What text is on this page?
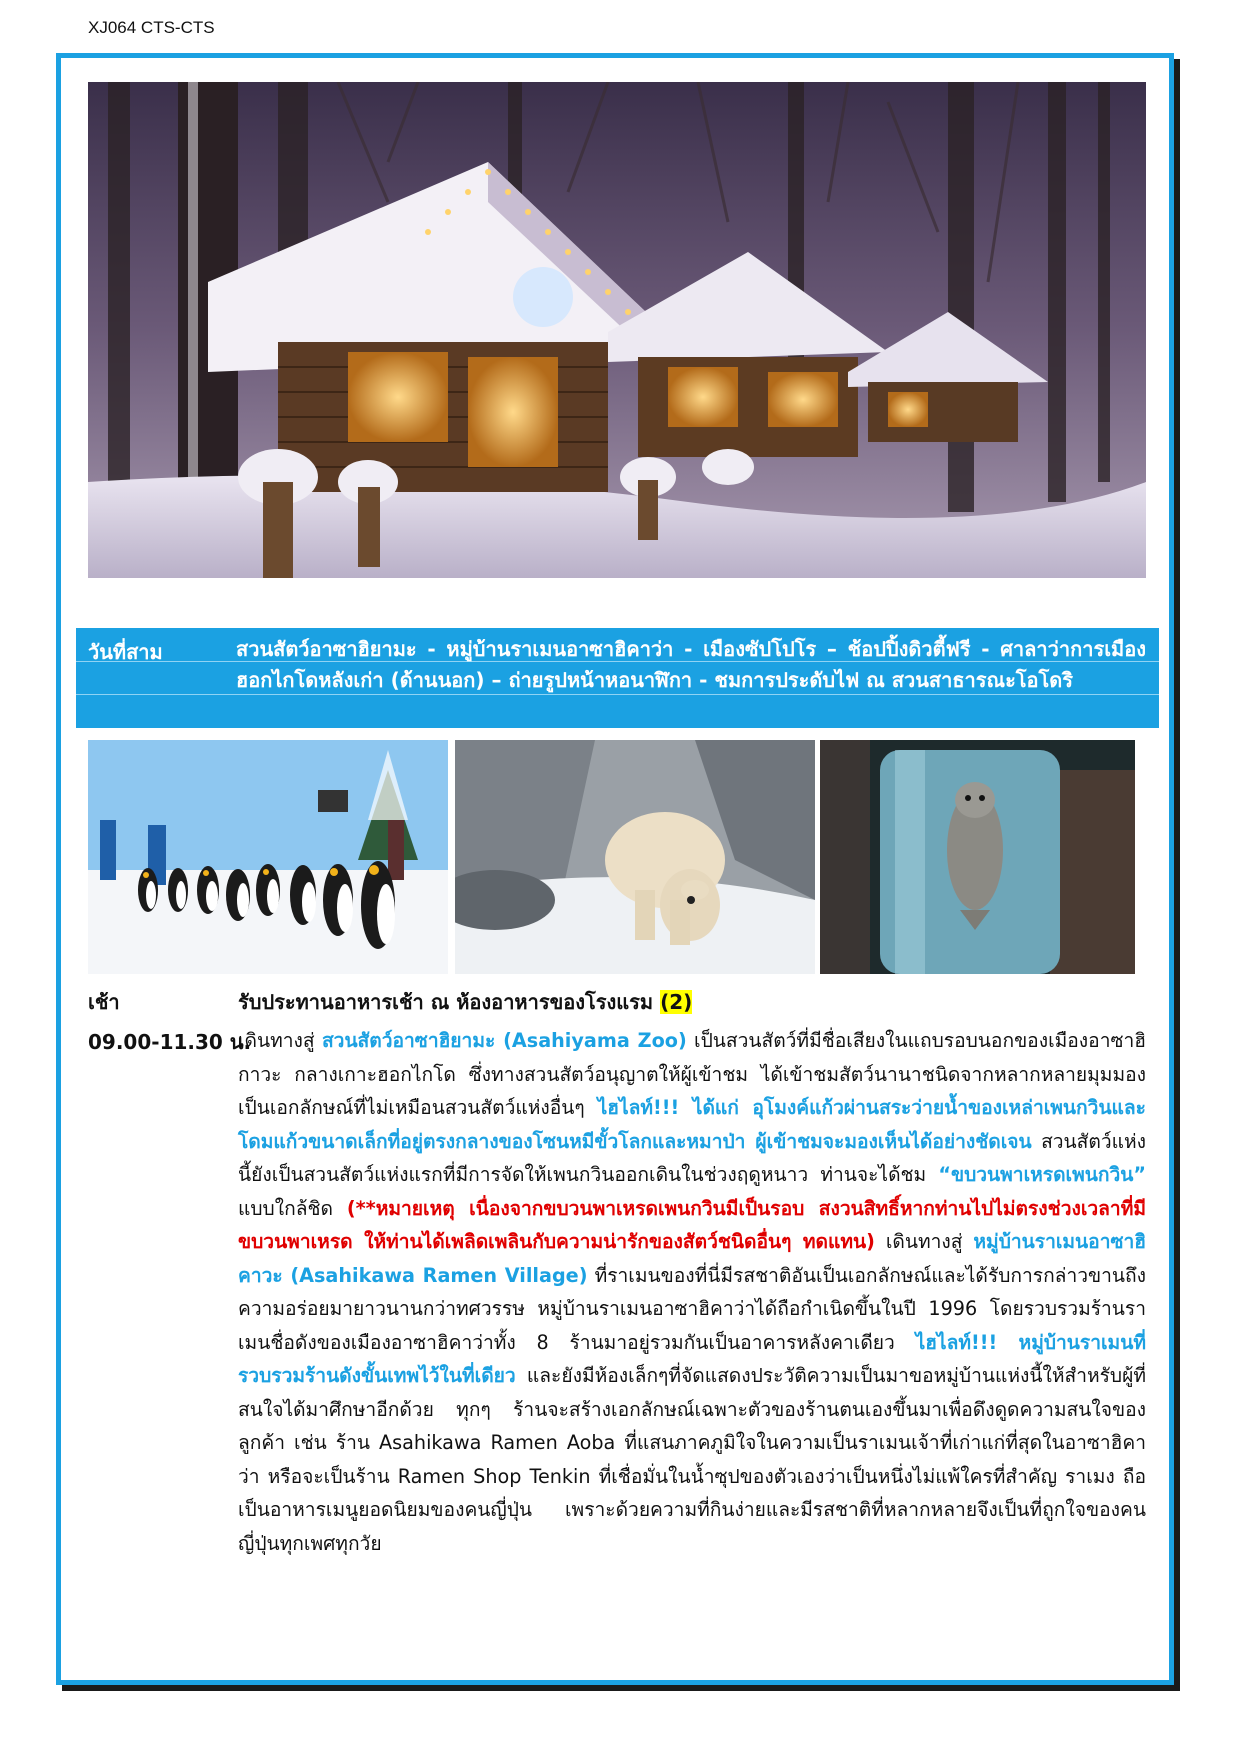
XJ064 CTS-CTS
วันที่สาม	สวนสัตว์อาซาฮิยามะ - หมู่บ้านราเมนอาซาฮิคาว่า - เมืองซัปโปโร – ช้อปปิ้งดิวตี้ฟรี - ศาลาว่าการเมืองฮอกไกโดหลังเก่า (ด้านนอก) – ถ่ายรูปหน้าหอนาฬิกา - ชมการประดับไฟ ณ สวนสาธารณะโอโดริ
เช้า	รับประทานอาหารเช้า ณ ห้องอาหารของโรงแรม (2)
09.00-11.30 น.
เดินทางสู่ สวนสัตว์อาซาฮิยามะ (Asahiyama Zoo) เป็นสวนสัตว์ที่มีชื่อเสียงในแถบรอบนอกของเมืองอาซาฮิกาวะ กลางเกาะฮอกไกโด ซึ่งทางสวนสัตว์อนุญาตให้ผู้เข้าชม ได้เข้าชมสัตว์นานาชนิดจากหลากหลายมุมมอง เป็นเอกลักษณ์ที่ไม่เหมือนสวนสัตว์แห่งอื่นๆ ไฮไลท์!!! ได้แก่ อุโมงค์แก้วผ่านสระว่ายน้ำของเหล่าเพนกวินและโดมแก้วขนาดเล็กที่อยู่ตรงกลางของโซนหมีขั้วโลกและหมาป่า ผู้เข้าชมจะมองเห็นได้อย่างชัดเจน สวนสัตว์แห่งนี้ยังเป็นสวนสัตว์แห่งแรกที่มีการจัดให้เพนกวินออกเดินในช่วงฤดูหนาว ท่านจะได้ชม “ขบวนพาเหรดเพนกวิน” แบบใกล้ชิด (**หมายเหตุ เนื่องจากขบวนพาเหรดเพนกวินมีเป็นรอบ สงวนสิทธิ์หากท่านไปไม่ตรงช่วงเวลาที่มีขบวนพาเหรด ให้ท่านได้เพลิดเพลินกับความน่ารักของสัตว์ชนิดอื่นๆ ทดแทน) เดินทางสู่ หมู่บ้านราเมนอาซาฮิคาวะ (Asahikawa Ramen Village) ที่ราเมนของที่นี่มีรสชาติอันเป็นเอกลักษณ์และได้รับการกล่าวขานถึงความอร่อยมายาวนานกว่าทศวรรษ หมู่บ้านราเมนอาซาฮิคาว่าได้ถือกำเนิดขึ้นในปี 1996 โดยรวบรวมร้านราเมนชื่อดังของเมืองอาซาฮิคาว่าทั้ง 8 ร้านมาอยู่รวมกันเป็นอาคารหลังคาเดียว ไฮไลท์!!! หมู่บ้านราเมนที่รวบรวมร้านดังขั้นเทพไว้ในที่เดียว และยังมีห้องเล็กๆที่จัดแสดงประวัติความเป็นมาขอหมู่บ้านแห่งนี้ให้สำหรับผู้ที่สนใจได้มาศึกษาอีกด้วย ทุกๆ ร้านจะสร้างเอกลักษณ์เฉพาะตัวของร้านตนเองขึ้นมาเพื่อดึงดูดความสนใจของลูกค้า เช่น ร้าน Asahikawa Ramen Aoba ที่แสนภาคภูมิใจในความเป็นราเมนเจ้าที่เก่าแก่ที่สุดในอาซาฮิคาว่า หรือจะเป็นร้าน Ramen Shop Tenkin ที่เชื่อมั่นในน้ำซุปของตัวเองว่าเป็นหนึ่งไม่แพ้ใครที่สำคัญ ราเมง ถือเป็นอาหารเมนูยอดนิยมของคนญี่ปุ่น เพราะด้วยความที่กินง่ายและมีรสชาติที่หลากหลายจึงเป็นที่ถูกใจของคนญี่ปุ่นทุกเพศทุกวัย
